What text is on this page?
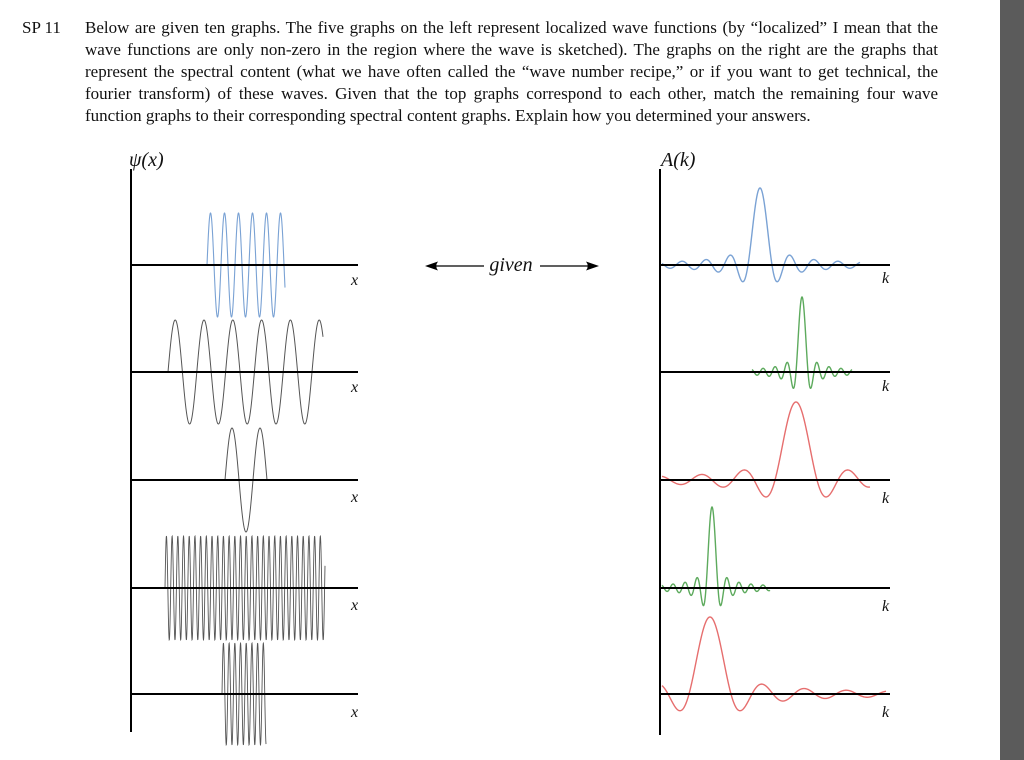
SP 11 Below are given ten graphs. The five graphs on the left represent localized wave functions (by “localized” I mean that the
wave functions are only non-zero in the region where the wave is sketched). The graphs on the right are the graphs that
represent the spectral content (what we have often called the “wave number recipe,” or if you want to get technical, the
fourier transform) of these waves. Given that the top graphs correspond to each other, match the remaining four wave
function graphs to their corresponding spectral content graphs. Explain how you determined your answers.
ψ(x)
x
x
x
x
x
given
A(k)
k
k
k
k
k
